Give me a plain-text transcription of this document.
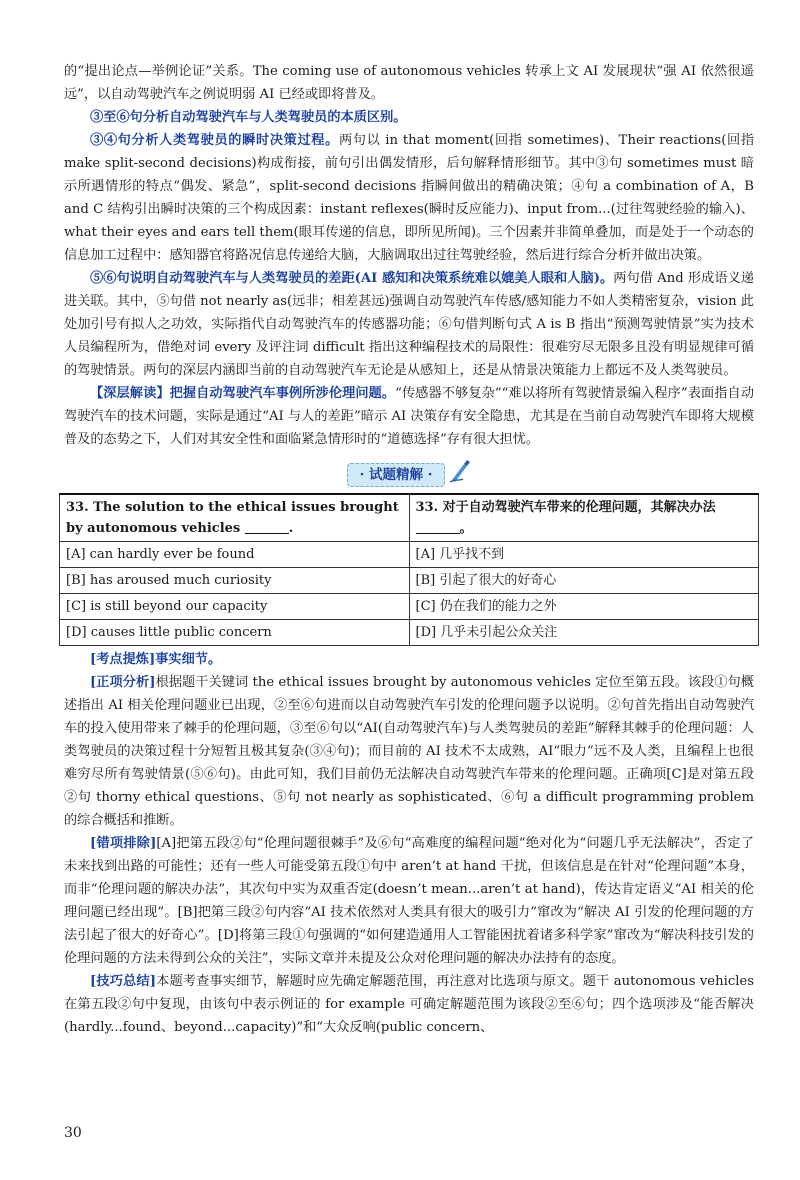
的“提出论点—举例论证”关系。The coming use of autonomous vehicles 转承上文 AI 发展现状“强 AI 依然很遥远”，以自动驾驶汽车之例说明弱 AI 已经或即将普及。

③至⑥句分析自动驾驶汽车与人类驾驶员的本质区别。

③④句分析人类驾驶员的瞬时决策过程。两句以 in that moment(回指 sometimes)、Their reactions(回指 make split-second decisions)构成衔接，前句引出偶发情形，后句解释情形细节。其中③句 sometimes must 暗示所遇情形的特点“偶发、紧急”，split-second decisions 指瞬间做出的精确决策；④句 a combination of A，B and C 结构引出瞬时决策的三个构成因素：instant reflexes(瞬时反应能力)、input from...(过往驾驶经验的输入)、what their eyes and ears tell them(眼耳传递的信息，即所见所闻)。三个因素并非简单叠加，而是处于一个动态的信息加工过程中：感知器官将路况信息传递给大脑，大脑调取出过往驾驶经验，然后进行综合分析并做出决策。

⑤⑥句说明自动驾驶汽车与人类驾驶员的差距(AI 感知和决策系统难以媲美人眼和人脑)。两句借 And 形成语义递进关联。其中，⑤句借 not nearly as(远非；相差甚远)强调自动驾驶汽车传感/感知能力不如人类精密复杂，vision 此处加引号有拟人之功效，实际指代自动驾驶汽车的传感器功能；⑥句借判断句式 A is B 指出“预测驾驶情景”实为技术人员编程所为，借绝对词 every 及评注词 difficult 指出这种编程技术的局限性：很难穷尽无限多且没有明显规律可循的驾驶情景。两句的深层内涵即当前的自动驾驶汽车无论是从感知上，还是从情景决策能力上都远不及人类驾驶员。

【深层解读】把握自动驾驶汽车事例所涉伦理问题。“传感器不够复杂”“难以将所有驾驶情景编入程序”表面指自动驾驶汽车的技术问题，实际是通过“AI 与人的差距”暗示 AI 决策存有安全隐患，尤其是在当前自动驾驶汽车即将大规模普及的态势之下，人们对其安全性和面临紧急情形时的“道德选择”存有很大担忧。

· 试题精解 ·
33. The solution to the ethical issues brought by autonomous vehicles .	33. 对于自动驾驶汽车带来的伦理问题，其解决办法。
[A] can hardly ever be found	[A] 几乎找不到
[B] has aroused much curiosity	[B] 引起了很大的好奇心
[C] is still beyond our capacity	[C] 仍在我们的能力之外
[D] causes little public concern	[D] 几乎未引起公众关注

[考点提炼]事实细节。

[正项分析]根据题干关键词 the ethical issues brought by autonomous vehicles 定位至第五段。该段①句概述指出 AI 相关伦理问题业已出现，②至⑥句进而以自动驾驶汽车引发的伦理问题予以说明。②句首先指出自动驾驶汽车的投入使用带来了棘手的伦理问题，③至⑥句以“AI(自动驾驶汽车)与人类驾驶员的差距”解释其棘手的伦理问题：人类驾驶员的决策过程十分短暂且极其复杂(③④句)；而目前的 AI 技术不太成熟，AI“眼力”远不及人类，且编程上也很难穷尽所有驾驶情景(⑤⑥句)。由此可知，我们目前仍无法解决自动驾驶汽车带来的伦理问题。正确项[C]是对第五段②句 thorny ethical questions、⑤句 not nearly as sophisticated、⑥句 a difficult programming problem 的综合概括和推断。

[错项排除][A]把第五段②句“伦理问题很棘手”及⑥句“高难度的编程问题”绝对化为“问题几乎无法解决”，否定了未来找到出路的可能性；还有一些人可能受第五段①句中 aren’t at hand 干扰，但该信息是在针对“伦理问题”本身，而非“伦理问题的解决办法”，其次句中实为双重否定(doesn’t mean...aren’t at hand)，传达肯定语义“AI 相关的伦理问题已经出现”。[B]把第三段②句内容“AI 技术依然对人类具有很大的吸引力”窜改为“解决 AI 引发的伦理问题的方法引起了很大的好奇心”。[D]将第三段①句强调的“如何建造通用人工智能困扰着诸多科学家”窜改为“解决科技引发的伦理问题的方法未得到公众的关注”，实际文章并未提及公众对伦理问题的解决办法持有的态度。

[技巧总结]本题考查事实细节，解题时应先确定解题范围，再注意对比选项与原文。题干 autonomous vehicles 在第五段②句中复现，由该句中表示例证的 for example 可确定解题范围为该段②至⑥句；四个选项涉及“能否解决(hardly...found、beyond...capacity)”和“大众反响(public concern、

30
